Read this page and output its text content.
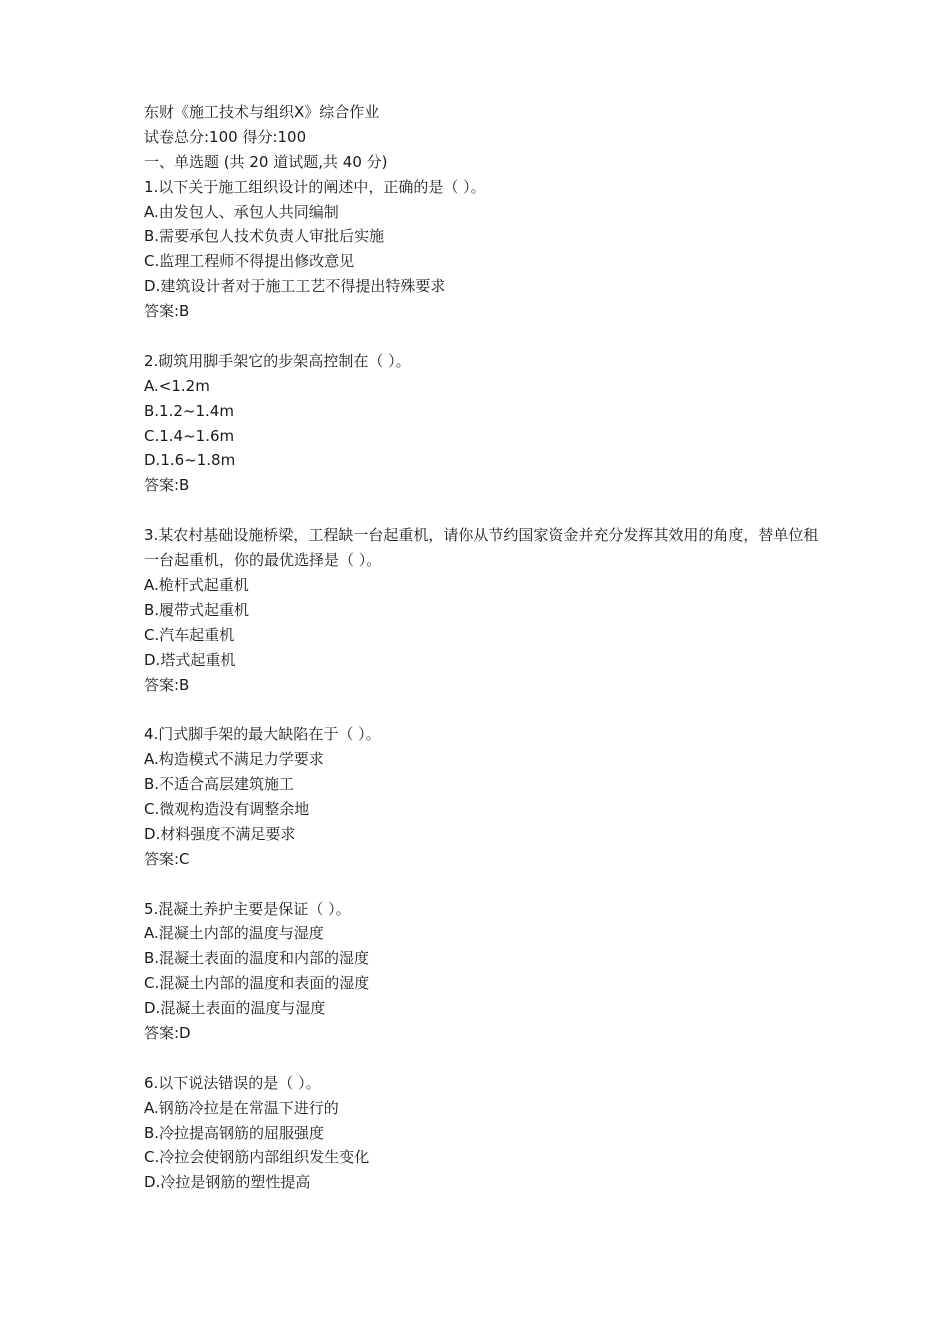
东财《施工技术与组织X》综合作业
试卷总分:100 得分:100
一、单选题 (共 20 道试题,共 40 分)
1.以下关于施工组织设计的阐述中，正确的是（ ）。
A.由发包人、承包人共同编制
B.需要承包人技术负责人审批后实施
C.监理工程师不得提出修改意见
D.建筑设计者对于施工工艺不得提出特殊要求
答案:B
2.砌筑用脚手架它的步架高控制在（ ）。
A.<1.2m
B.1.2~1.4m
C.1.4~1.6m
D.1.6~1.8m
答案:B
3.某农村基础设施桥梁，工程缺一台起重机，请你从节约国家资金并充分发挥其效用的角度，替单位租一台起重机，你的最优选择是（ ）。
A.桅杆式起重机
B.履带式起重机
C.汽车起重机
D.塔式起重机
答案:B
4.门式脚手架的最大缺陷在于（ ）。
A.构造模式不满足力学要求
B.不适合高层建筑施工
C.微观构造没有调整余地
D.材料强度不满足要求
答案:C
5.混凝土养护主要是保证（ ）。
A.混凝土内部的温度与湿度
B.混凝土表面的温度和内部的湿度
C.混凝土内部的温度和表面的湿度
D.混凝土表面的温度与湿度
答案:D
6.以下说法错误的是（ ）。
A.钢筋冷拉是在常温下进行的
B.冷拉提高钢筋的屈服强度
C.冷拉会使钢筋内部组织发生变化
D.冷拉是钢筋的塑性提高
